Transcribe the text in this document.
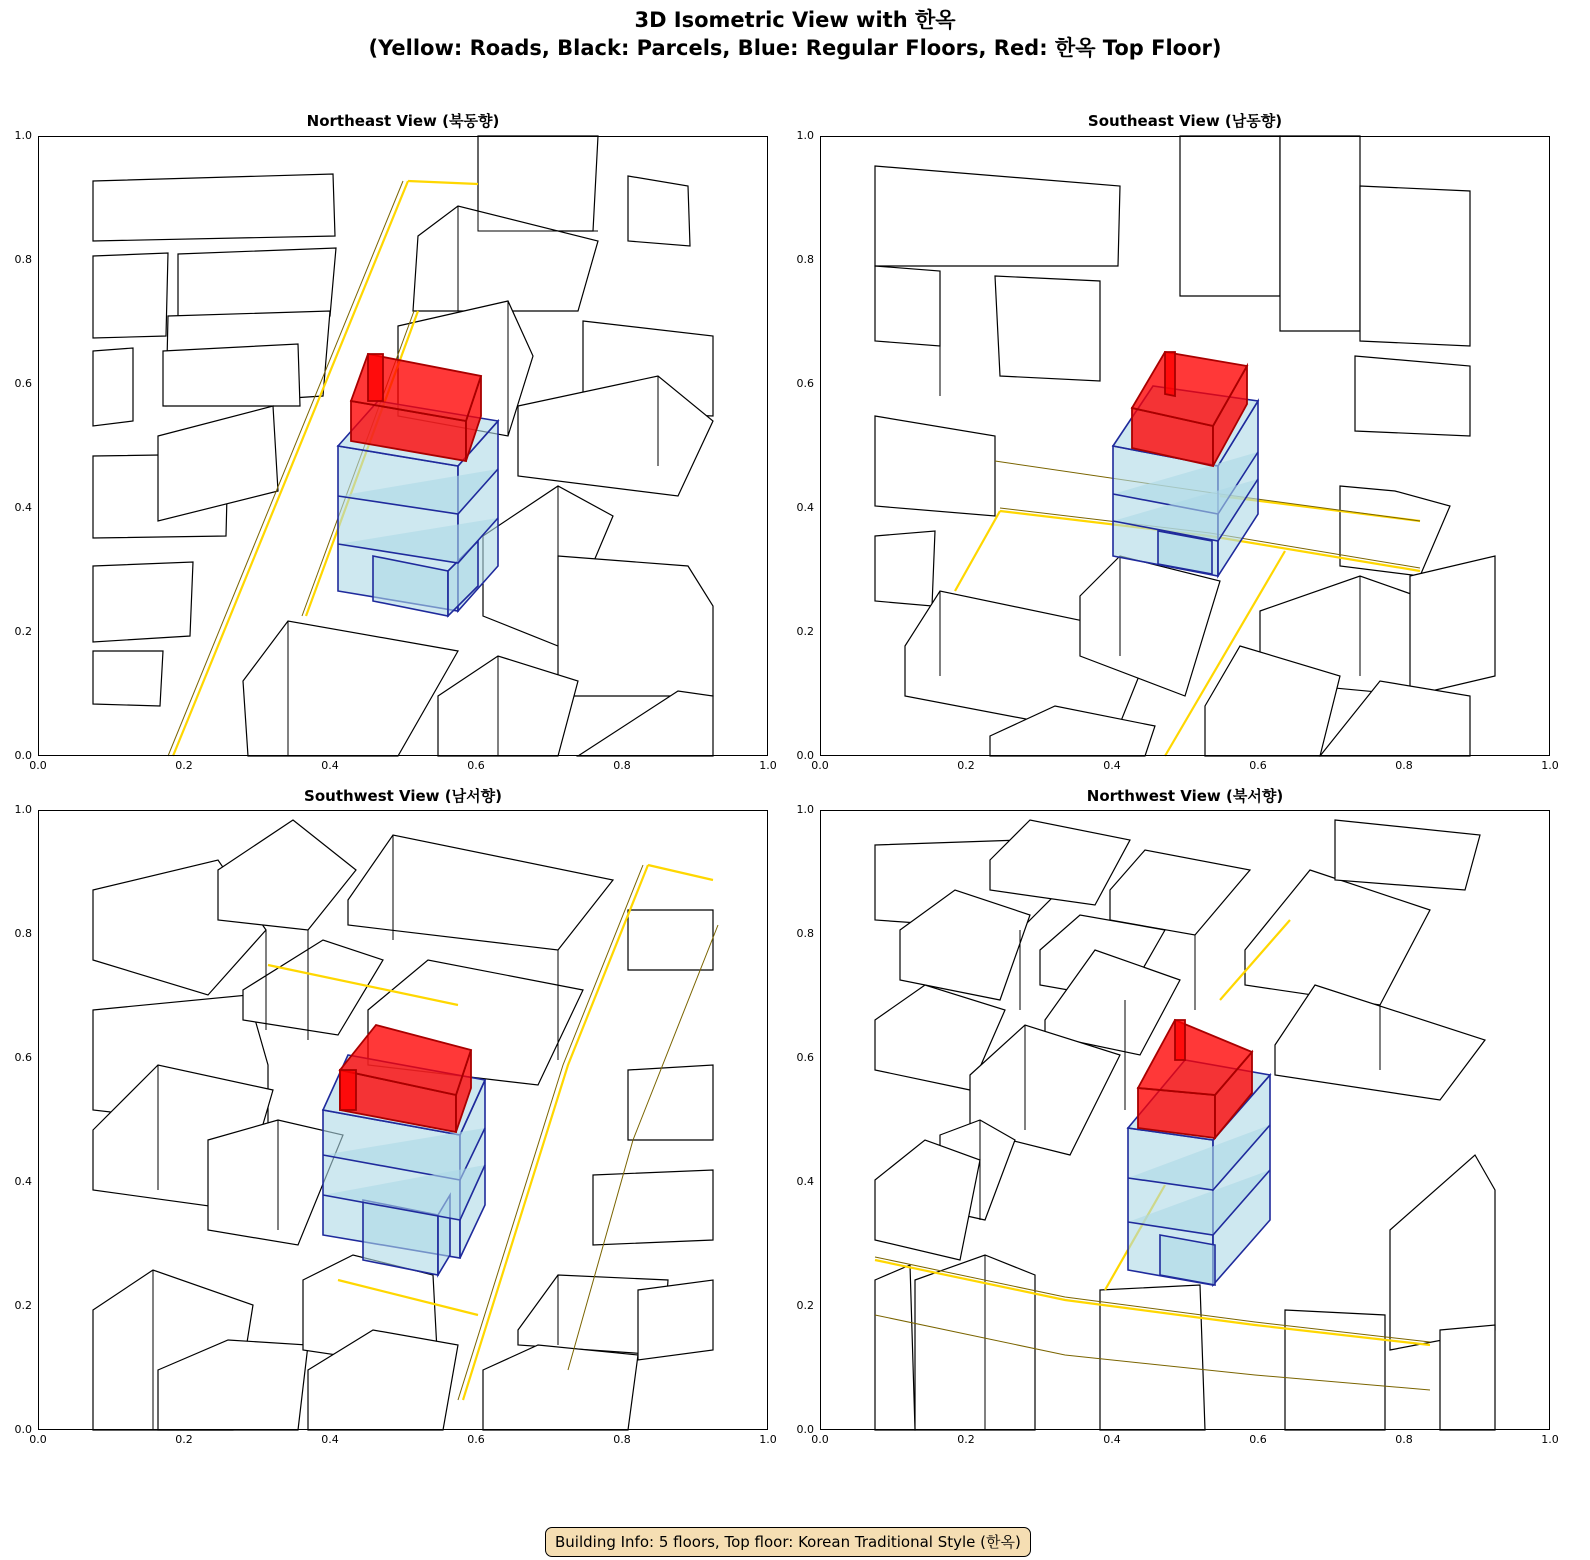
3D Isometric View with 한옥
(Yellow: Roads, Black: Parcels, Blue: Regular Floors, Red: 한옥 Top Floor)
Northeast View (북동향)	Southeast View (남동향)
Southwest View (남서향)	Northwest View (북서향)
0.0	0.2	0.4	0.6	0.8	1.0
0.0
0.2
0.4
0.6
0.8
1.0
0.0	0.2	0.4	0.6	0.8	1.0
0.0
0.2
0.4
0.6
0.8
1.0
0.0	0.2	0.4	0.6	0.8	1.0
0.0
0.2
0.4
0.6
0.8
1.0
0.0	0.2	0.4	0.6	0.8	1.0
0.0
0.2
0.4
0.6
0.8
1.0
Building Info: 5 floors, Top floor: Korean Traditional Style (한옥)
